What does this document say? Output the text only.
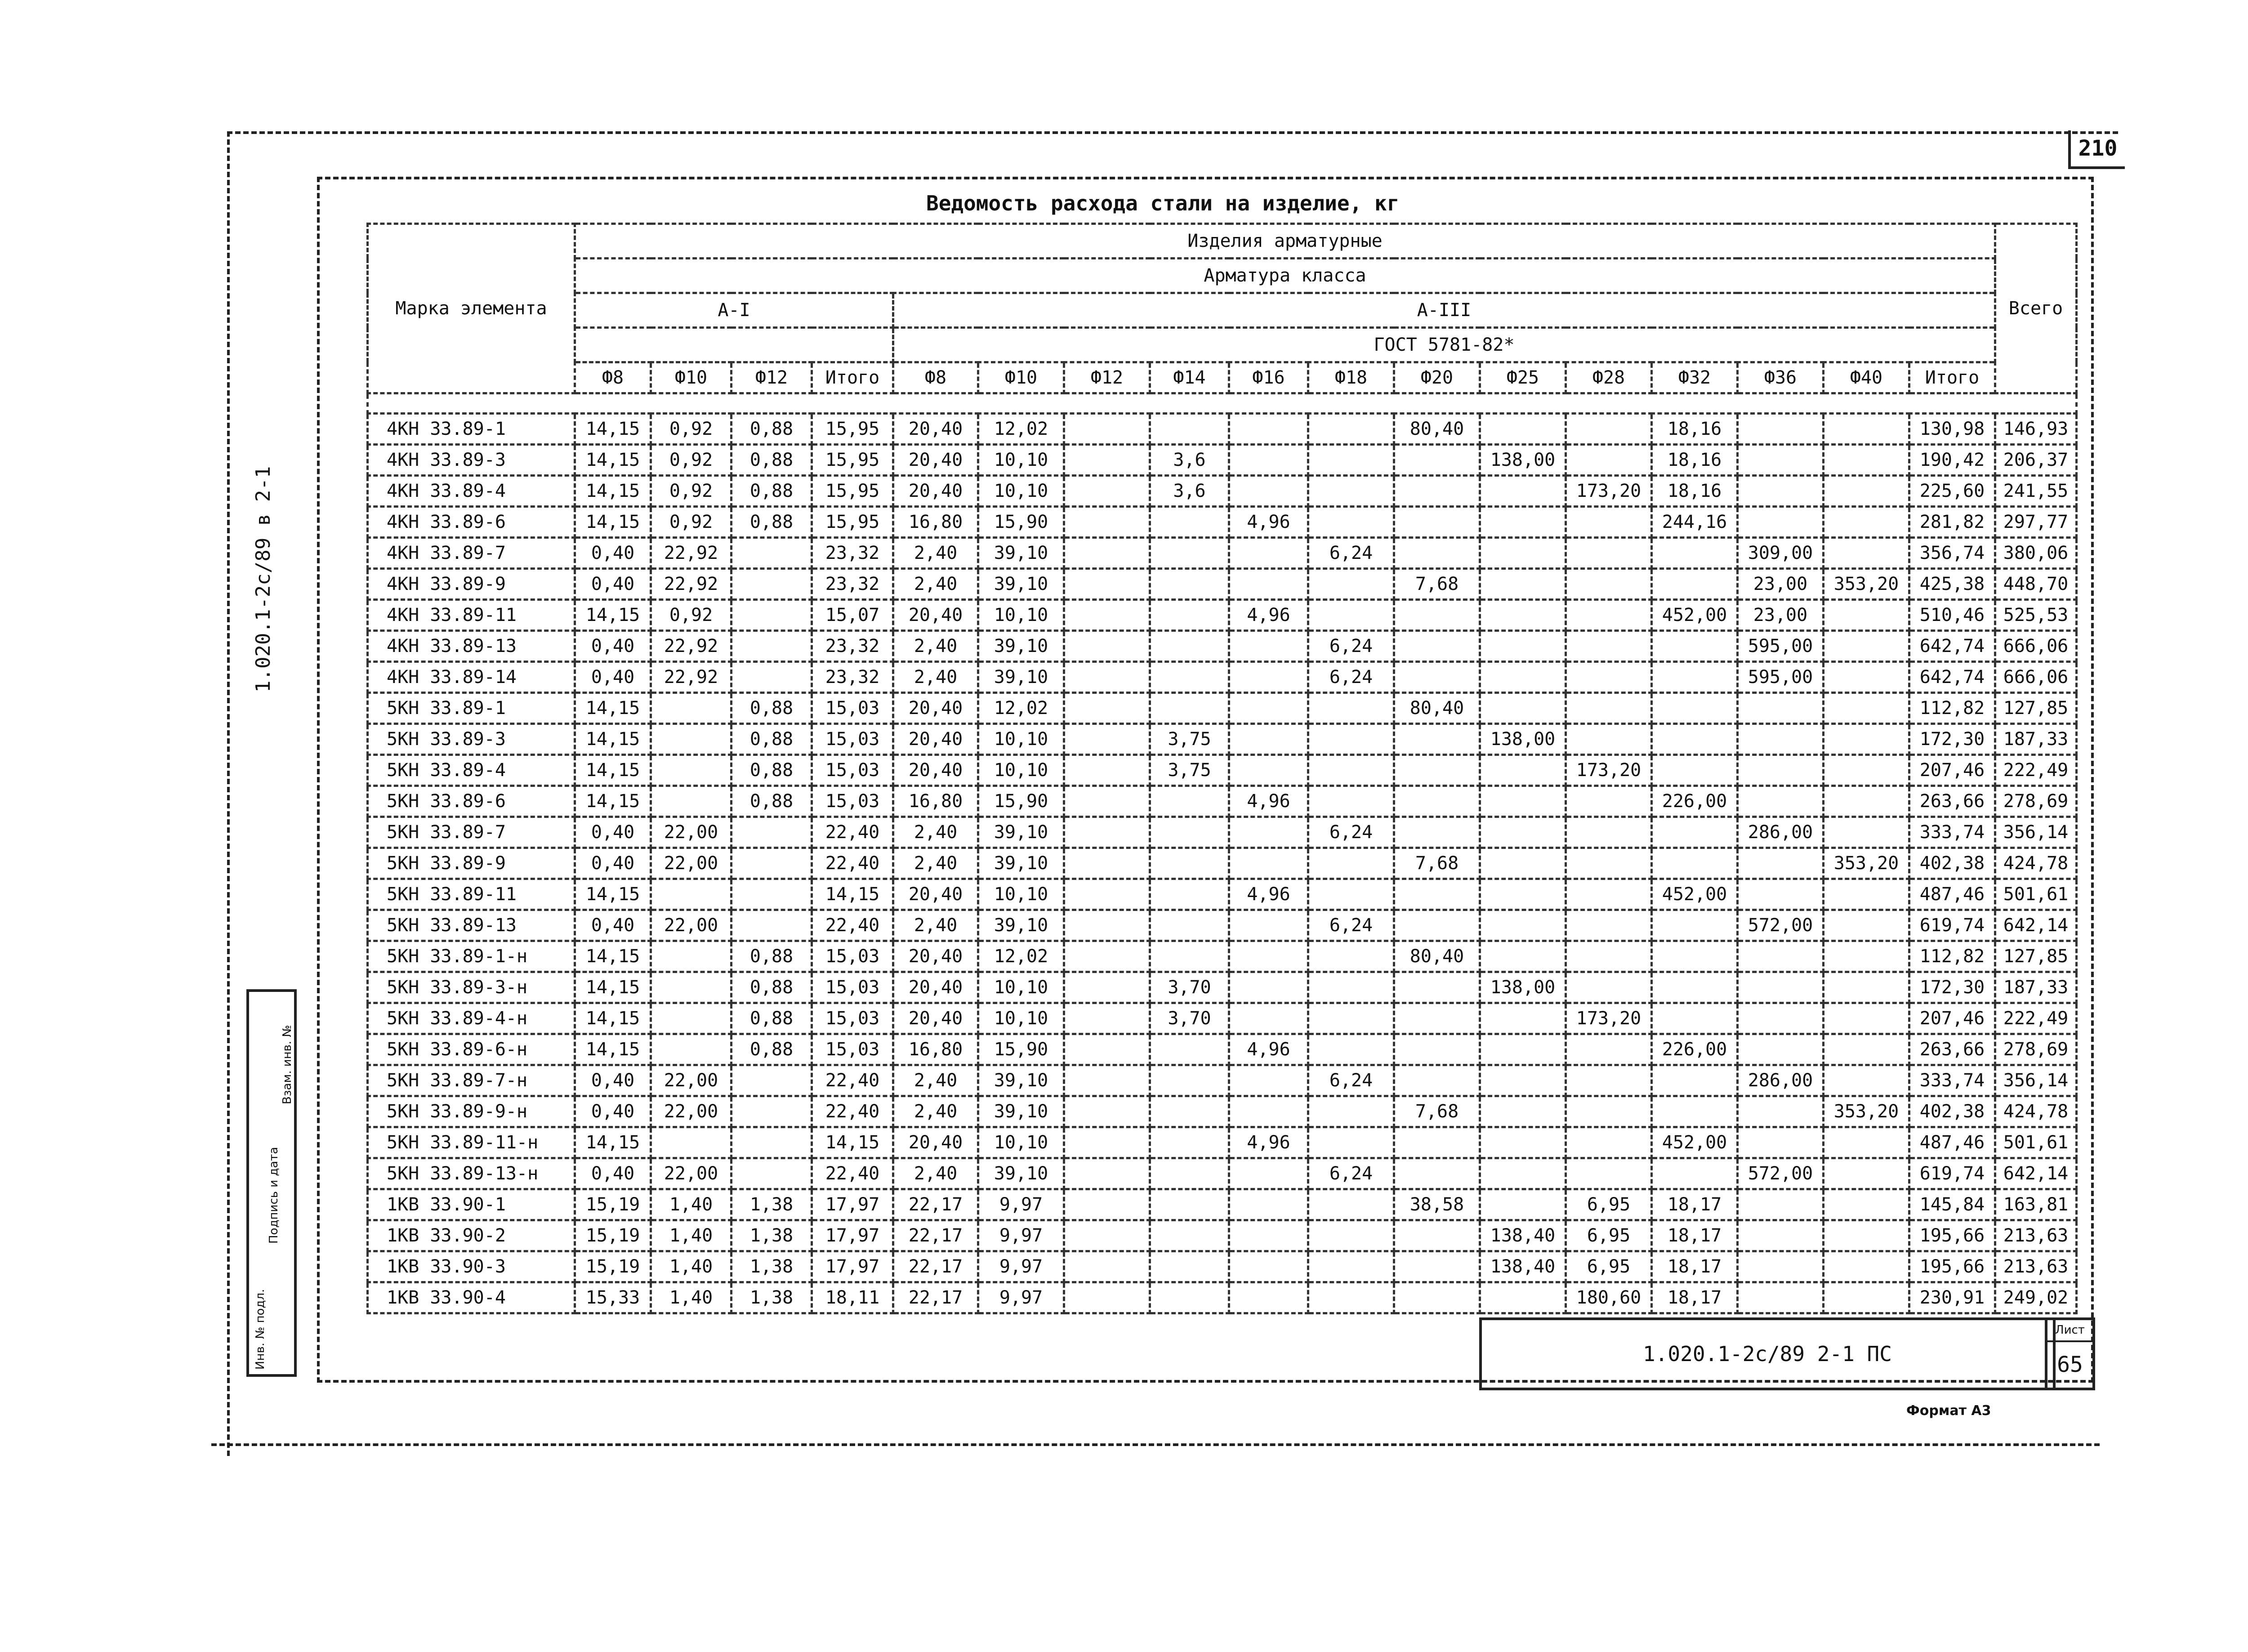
210
1.020.1-2с/89 в 2-1
Инв. № подл.
Подпись и дата
Взам. инв. №
Ведомость расхода стали на изделие, кг
Марка элемента	Изделия арматурные																	Всего
	Арматура класса																	
	А-I				А-III													
					ГОСТ 5781-82*													
	Ф8	Ф10	Ф12	Итого	Ф8	Ф10	Ф12	Ф14	Ф16	Ф18	Ф20	Ф25	Ф28	Ф32	Ф36	Ф40	Итого	

4КН 33.89-1	14,15	0,92	0,88	15,95	20,40	12,02					80,40			18,16			130,98	146,93
4КН 33.89-3	14,15	0,92	0,88	15,95	20,40	10,10		3,6				138,00		18,16			190,42	206,37
4КН 33.89-4	14,15	0,92	0,88	15,95	20,40	10,10		3,6					173,20	18,16			225,60	241,55
4КН 33.89-6	14,15	0,92	0,88	15,95	16,80	15,90			4,96					244,16			281,82	297,77
4КН 33.89-7	0,40	22,92		23,32	2,40	39,10				6,24					309,00		356,74	380,06
4КН 33.89-9	0,40	22,92		23,32	2,40	39,10					7,68				23,00	353,20	425,38	448,70
4КН 33.89-11	14,15	0,92		15,07	20,40	10,10			4,96					452,00	23,00		510,46	525,53
4КН 33.89-13	0,40	22,92		23,32	2,40	39,10				6,24					595,00		642,74	666,06
4КН 33.89-14	0,40	22,92		23,32	2,40	39,10				6,24					595,00		642,74	666,06
5КН 33.89-1	14,15		0,88	15,03	20,40	12,02					80,40						112,82	127,85
5КН 33.89-3	14,15		0,88	15,03	20,40	10,10		3,75				138,00					172,30	187,33
5КН 33.89-4	14,15		0,88	15,03	20,40	10,10		3,75					173,20				207,46	222,49
5КН 33.89-6	14,15		0,88	15,03	16,80	15,90			4,96					226,00			263,66	278,69
5КН 33.89-7	0,40	22,00		22,40	2,40	39,10				6,24					286,00		333,74	356,14
5КН 33.89-9	0,40	22,00		22,40	2,40	39,10					7,68					353,20	402,38	424,78
5КН 33.89-11	14,15			14,15	20,40	10,10			4,96					452,00			487,46	501,61
5КН 33.89-13	0,40	22,00		22,40	2,40	39,10				6,24					572,00		619,74	642,14
5КН 33.89-1-н	14,15		0,88	15,03	20,40	12,02					80,40						112,82	127,85
5КН 33.89-3-н	14,15		0,88	15,03	20,40	10,10		3,70				138,00					172,30	187,33
5КН 33.89-4-н	14,15		0,88	15,03	20,40	10,10		3,70					173,20				207,46	222,49
5КН 33.89-6-н	14,15		0,88	15,03	16,80	15,90			4,96					226,00			263,66	278,69
5КН 33.89-7-н	0,40	22,00		22,40	2,40	39,10				6,24					286,00		333,74	356,14
5КН 33.89-9-н	0,40	22,00		22,40	2,40	39,10					7,68					353,20	402,38	424,78
5КН 33.89-11-н	14,15			14,15	20,40	10,10			4,96					452,00			487,46	501,61
5КН 33.89-13-н	0,40	22,00		22,40	2,40	39,10				6,24					572,00		619,74	642,14
1КВ 33.90-1	15,19	1,40	1,38	17,97	22,17	9,97					38,58		6,95	18,17			145,84	163,81
1КВ 33.90-2	15,19	1,40	1,38	17,97	22,17	9,97						138,40	6,95	18,17			195,66	213,63
1КВ 33.90-3	15,19	1,40	1,38	17,97	22,17	9,97						138,40	6,95	18,17			195,66	213,63
1КВ 33.90-4	15,33	1,40	1,38	18,11	22,17	9,97							180,60	18,17			230,91	249,02
1.020.1-2с/89 2-1 ПС
Лист
65
Формат А3
